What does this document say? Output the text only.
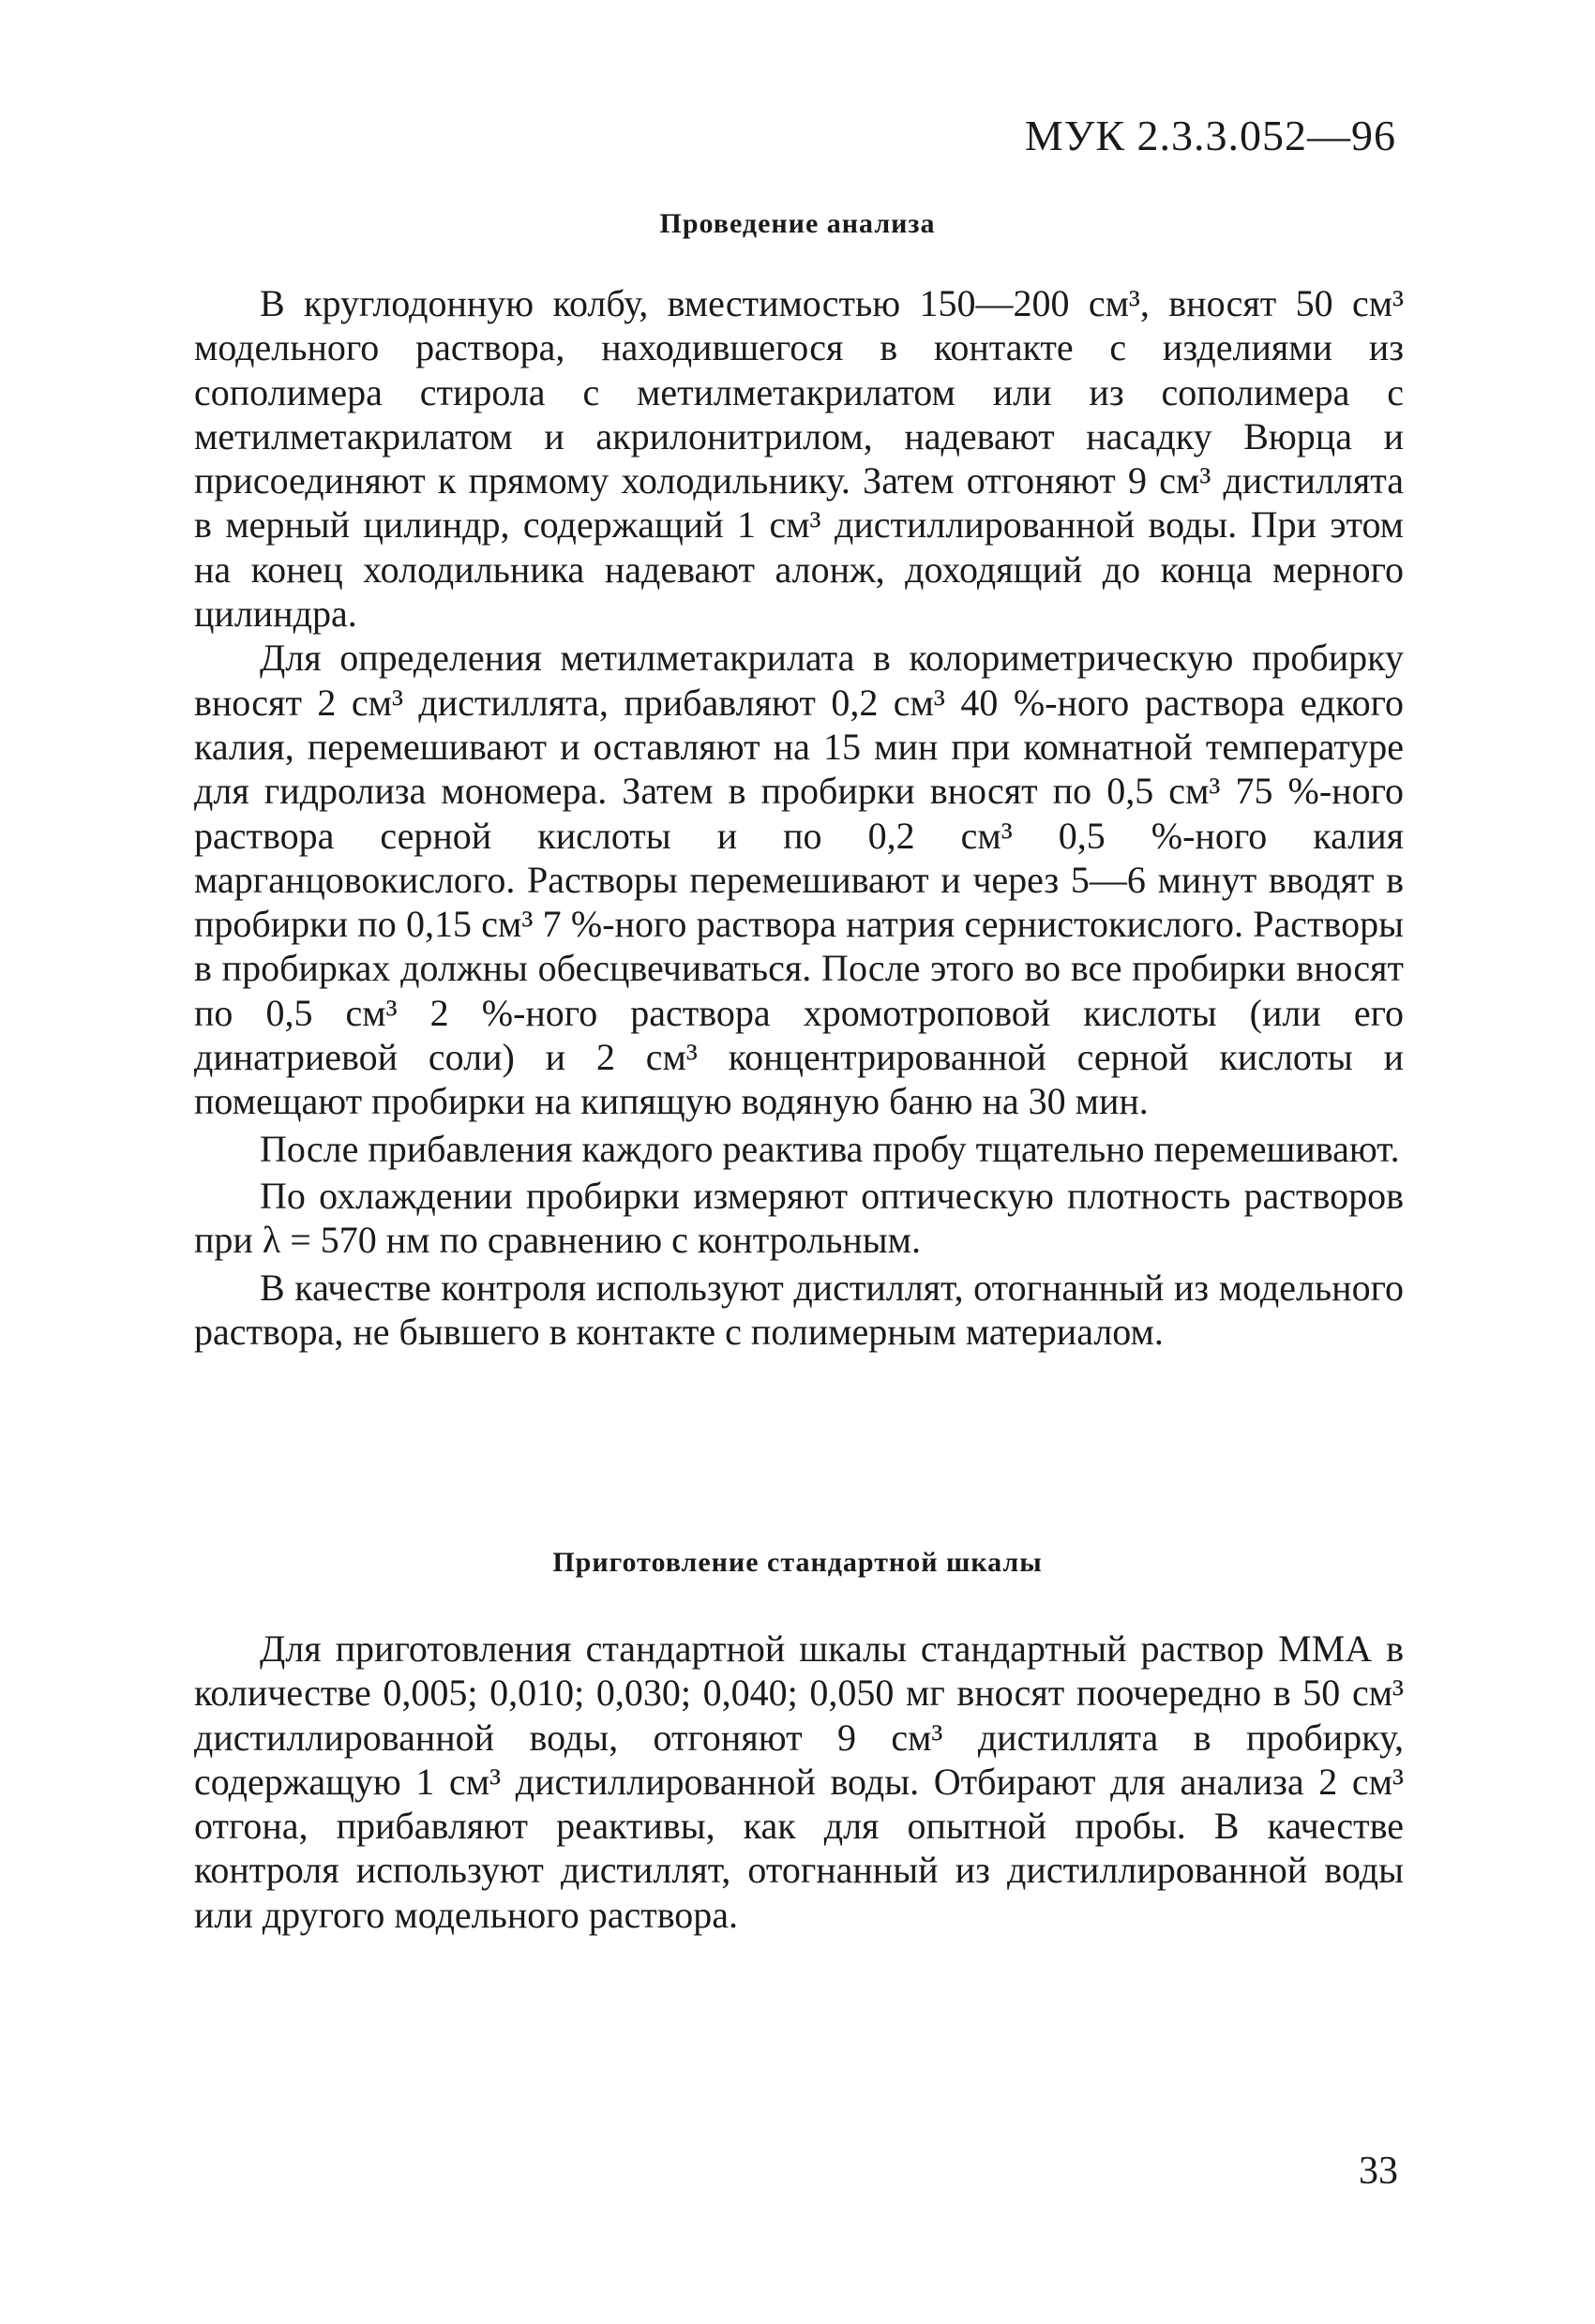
МУК 2.3.3.052—96
Проведение анализа

В круглодонную колбу, вместимостью 150—200 см³, вносят 50 см³ модельного раствора, находившегося в контакте с изделиями из сополимера стирола с метилметакрилатом или из сополимера с метилметакрилатом и акрилонитрилом, надевают насадку Вюрца и присоединяют к прямому холодильнику. Затем отгоняют 9 см³ дистиллята в мерный цилиндр, содержащий 1 см³ дистиллированной воды. При этом на конец холодильника надевают алонж, доходящий до конца мерного цилиндра.

Для определения метилметакрилата в колориметрическую пробирку вносят 2 см³ дистиллята, прибавляют 0,2 см³ 40 %-ного раствора едкого калия, перемешивают и оставляют на 15 мин при комнатной температуре для гидролиза мономера. Затем в пробирки вносят по 0,5 см³ 75 %-ного раствора серной кислоты и по 0,2 см³ 0,5 %-ного калия марганцовокислого. Растворы перемешивают и через 5—6 минут вводят в пробирки по 0,15 см³ 7 %-ного раствора натрия сернистокислого. Растворы в пробирках должны обесцвечиваться. После этого во все пробирки вносят по 0,5 см³ 2 %-ного раствора хромотроповой кислоты (или его динатриевой соли) и 2 см³ концентрированной серной кислоты и помещают пробирки на кипящую водяную баню на 30 мин.

После прибавления каждого реактива пробу тщательно перемешивают.

По охлаждении пробирки измеряют оптическую плотность растворов при λ = 570 нм по сравнению с контрольным.

В качестве контроля используют дистиллят, отогнанный из модельного раствора, не бывшего в контакте с полимерным материалом.

Приготовление стандартной шкалы

Для приготовления стандартной шкалы стандартный раствор ММА в количестве 0,005; 0,010; 0,030; 0,040; 0,050 мг вносят поочередно в 50 см³ дистиллированной воды, отгоняют 9 см³ дистиллята в пробирку, содержащую 1 см³ дистиллированной воды. Отбирают для анализа 2 см³ отгона, прибавляют реактивы, как для опытной пробы. В качестве контроля используют дистиллят, отогнанный из дистиллированной воды или другого модельного раствора.

33
